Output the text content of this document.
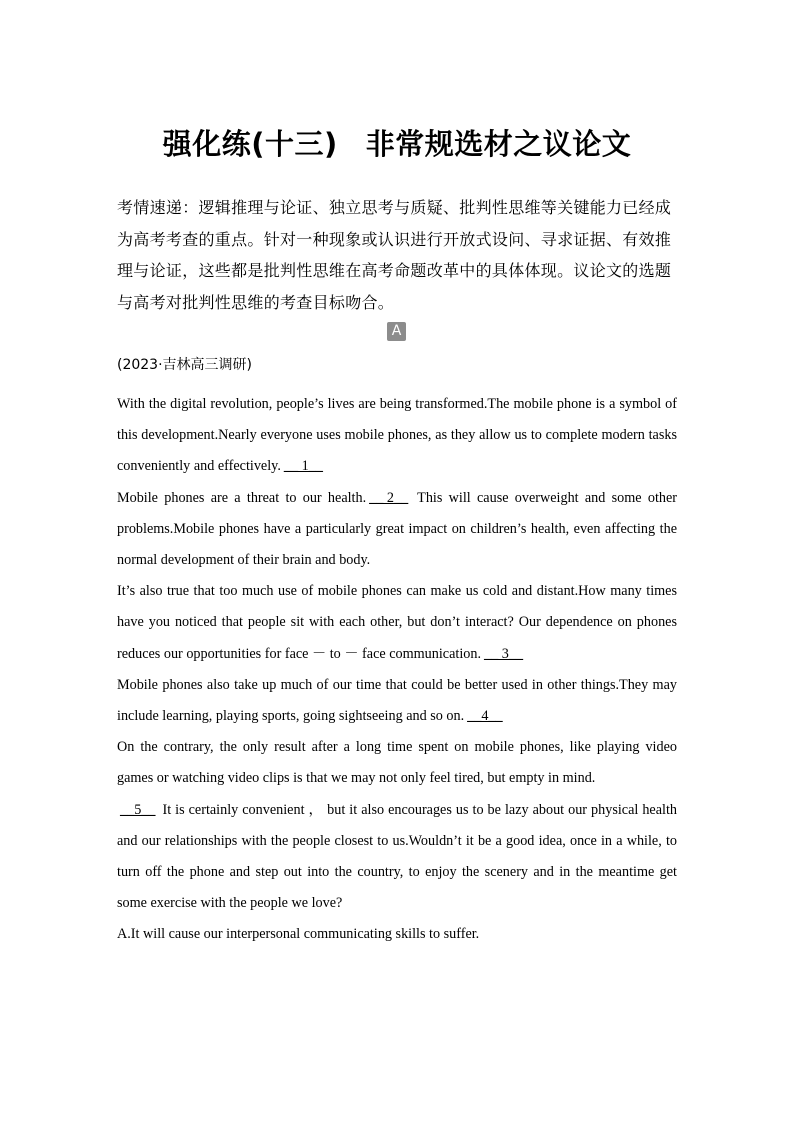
强化练(十三) 非常规选材之议论文
考情速递：逻辑推理与论证、独立思考与质疑、批判性思维等关键能力已经成为高考考查的重点。针对一种现象或认识进行开放式设问、寻求证据、有效推理与论证，这些都是批判性思维在高考命题改革中的具体体现。议论文的选题与高考对批判性思维的考查目标吻合。
A
(2023·吉林高三调研)

With the digital revolution, people’s lives are being transformed.The mobile phone is a symbol of this development.Nearly everyone uses mobile phones, as they allow us to complete modern tasks conveniently and effectively. __ 1__

Mobile phones are a threat to our health. __ 2__ This will cause overweight and some other problems.Mobile phones have a particularly great impact on children’s health, even affecting the normal development of their brain and body.

It’s also true that too much use of mobile phones can make us cold and distant.How many times have you noticed that people sit with each other, but don’t interact? Our dependence on phones reduces our opportunities for face － to － face communication. __ 3__

Mobile phones also take up much of our time that could be better used in other things.They may include learning, playing sports, going sightseeing and so on. __4__

On the contrary, the only result after a long time spent on mobile phones, like playing video games or watching video clips is that we may not only feel tired, but empty in mind.

__5__ It is certainly convenient ， but it also encourages us to be lazy about our physical health and our relationships with the people closest to us.Wouldn’t it be a good idea, once in a while, to turn off the phone and step out into the country, to enjoy the scenery and in the meantime get some exercise with the people we love?

A.It will cause our interpersonal communicating skills to suffer.
